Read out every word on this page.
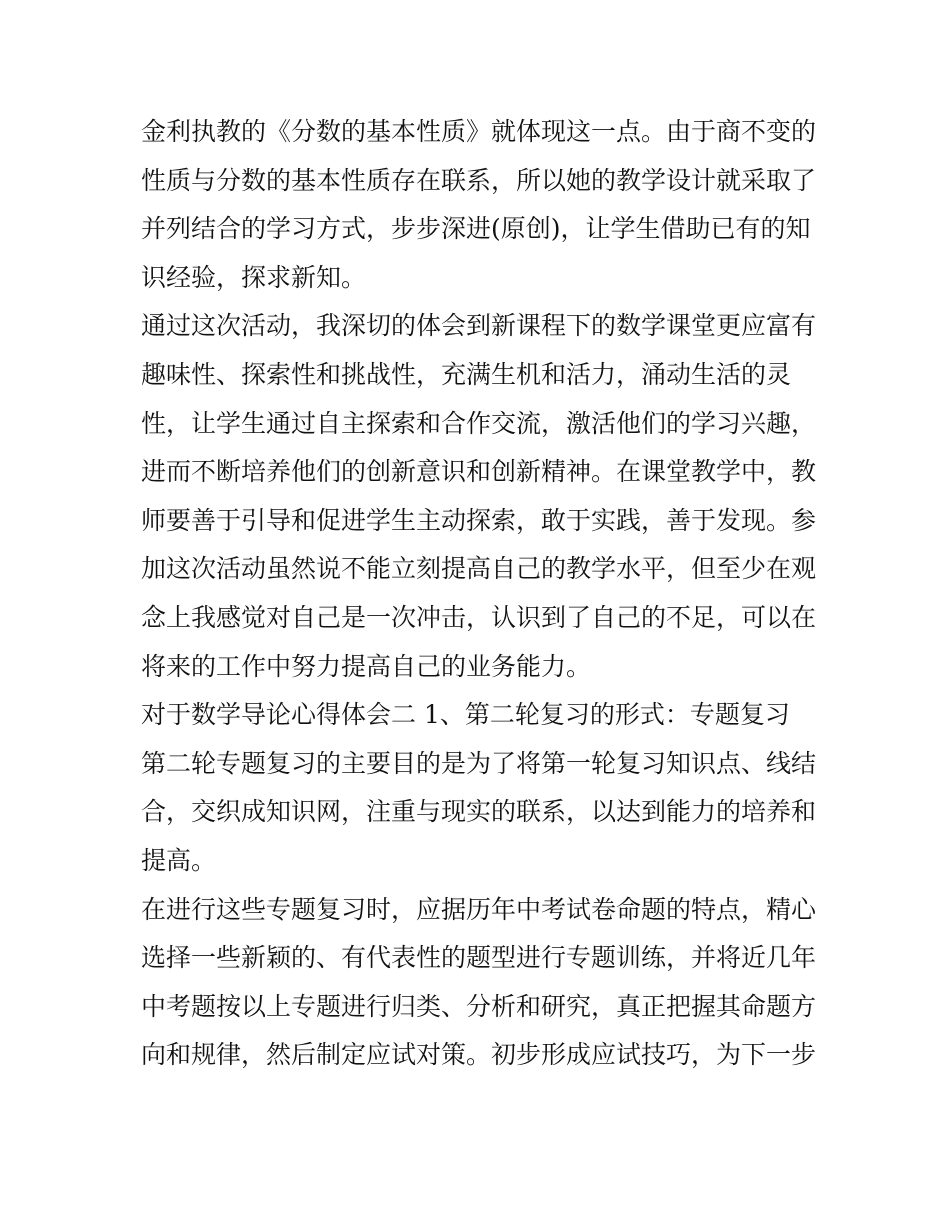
金利执教的《分数的基本性质》就体现这一点。由于商不变的
性质与分数的基本性质存在联系，所以她的教学设计就采取了
并列结合的学习方式，步步深进(原创)，让学生借助已有的知
识经验，探求新知。
通过这次活动，我深切的体会到新课程下的数学课堂更应富有
趣味性、探索性和挑战性，充满生机和活力，涌动生活的灵
性，让学生通过自主探索和合作交流，激活他们的学习兴趣，
进而不断培养他们的创新意识和创新精神。在课堂教学中，教
师要善于引导和促进学生主动探索，敢于实践，善于发现。参
加这次活动虽然说不能立刻提高自己的教学水平，但至少在观
念上我感觉对自己是一次冲击，认识到了自己的不足，可以在
将来的工作中努力提高自己的业务能力。
对于数学导论心得体会二 1、第二轮复习的形式：专题复习
第二轮专题复习的主要目的是为了将第一轮复习知识点、线结
合，交织成知识网，注重与现实的联系，以达到能力的培养和
提高。
在进行这些专题复习时，应据历年中考试卷命题的特点，精心
选择一些新颖的、有代表性的题型进行专题训练，并将近几年
中考题按以上专题进行归类、分析和研究，真正把握其命题方
向和规律，然后制定应试对策。初步形成应试技巧，为下一步
